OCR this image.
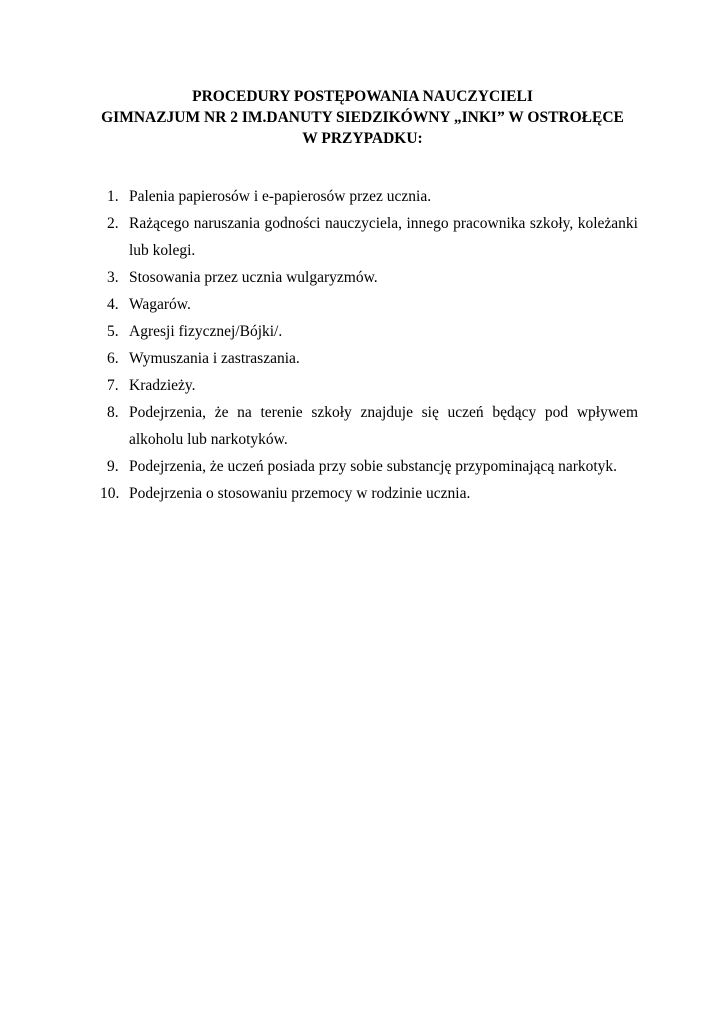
PROCEDURY POSTĘPOWANIA NAUCZYCIELI
GIMNAZJUM NR 2 IM.DANUTY SIEDZIKÓWNY „INKI” W OSTROŁĘCE
W PRZYPADKU:
1. Palenia papierosów i e-papierosów przez ucznia.
2. Rażącego naruszania godności nauczyciela, innego pracownika szkoły, koleżanki lub kolegi.
3. Stosowania przez ucznia wulgaryzmów.
4. Wagarów.
5. Agresji fizycznej/Bójki/.
6. Wymuszania i zastraszania.
7. Kradzieży.
8. Podejrzenia, że na terenie szkoły znajduje się uczeń będący pod wpływem alkoholu lub narkotyków.
9. Podejrzenia, że uczeń posiada przy sobie substancję przypominającą narkotyk.
10. Podejrzenia o stosowaniu przemocy w rodzinie ucznia.
